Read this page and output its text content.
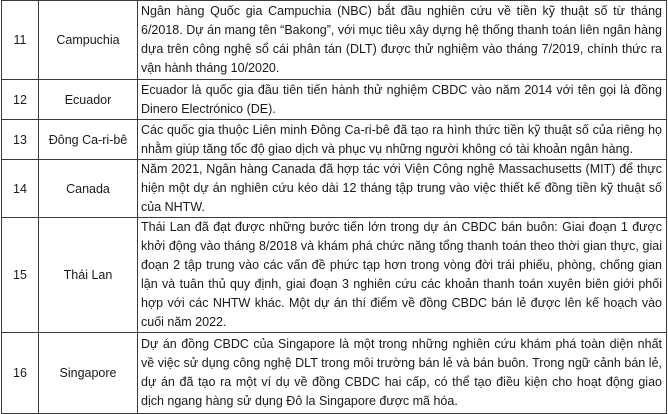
11	Campuchia	Ngân hàng Quốc gia Campuchia (NBC) bắt đầu nghiên cứu về tiền kỹ thuật số từ tháng 6/2018. Dự án mang tên “Bakong”, với mục tiêu xây dựng hệ thống thanh toán liên ngân hàng dựa trên công nghệ sổ cái phân tán (DLT) được thử nghiệm vào tháng 7/2019, chính thức ra vận hành tháng 10/2020.
12	Ecuador	Ecuador là quốc gia đầu tiên tiến hành thử nghiệm CBDC vào năm 2014 với tên gọi là đồng Dinero Electrónico (DE).
13	Đông Ca-ri-bê	Các quốc gia thuộc Liên minh Đông Ca-ri-bê đã tạo ra hình thức tiền kỹ thuật số của riêng họ nhằm giúp tăng tốc độ giao dịch và phục vụ những người không có tài khoản ngân hàng.
14	Canada	Năm 2021, Ngân hàng Canada đã hợp tác với Viện Công nghệ Massachusetts (MIT) để thực hiện một dự án nghiên cứu kéo dài 12 tháng tập trung vào việc thiết kế đồng tiền kỹ thuật số của NHTW.
15	Thái Lan	Thái Lan đã đạt được những bước tiến lớn trong dự án CBDC bán buôn: Giai đoạn 1 được khởi động vào tháng 8/2018 và khám phá chức năng tổng thanh toán theo thời gian thực, giai đoạn 2 tập trung vào các vấn đề phức tạp hơn trong vòng đời trái phiếu, phòng, chống gian lận và tuân thủ quy định, giai đoạn 3 nghiên cứu các khoản thanh toán xuyên biên giới phối hợp với các NHTW khác. Một dự án thí điểm về đồng CBDC bán lẻ được lên kế hoạch vào cuối năm 2022.
16	Singapore	Dự án đồng CBDC của Singapore là một trong những nghiên cứu khám phá toàn diện nhất về việc sử dụng công nghệ DLT trong môi trường bán lẻ và bán buôn. Trong ngữ cảnh bán lẻ, dự án đã tạo ra một ví dụ về đồng CBDC hai cấp, có thể tạo điều kiện cho hoạt động giao dịch ngang hàng sử dụng Đô la Singapore được mã hóa.
